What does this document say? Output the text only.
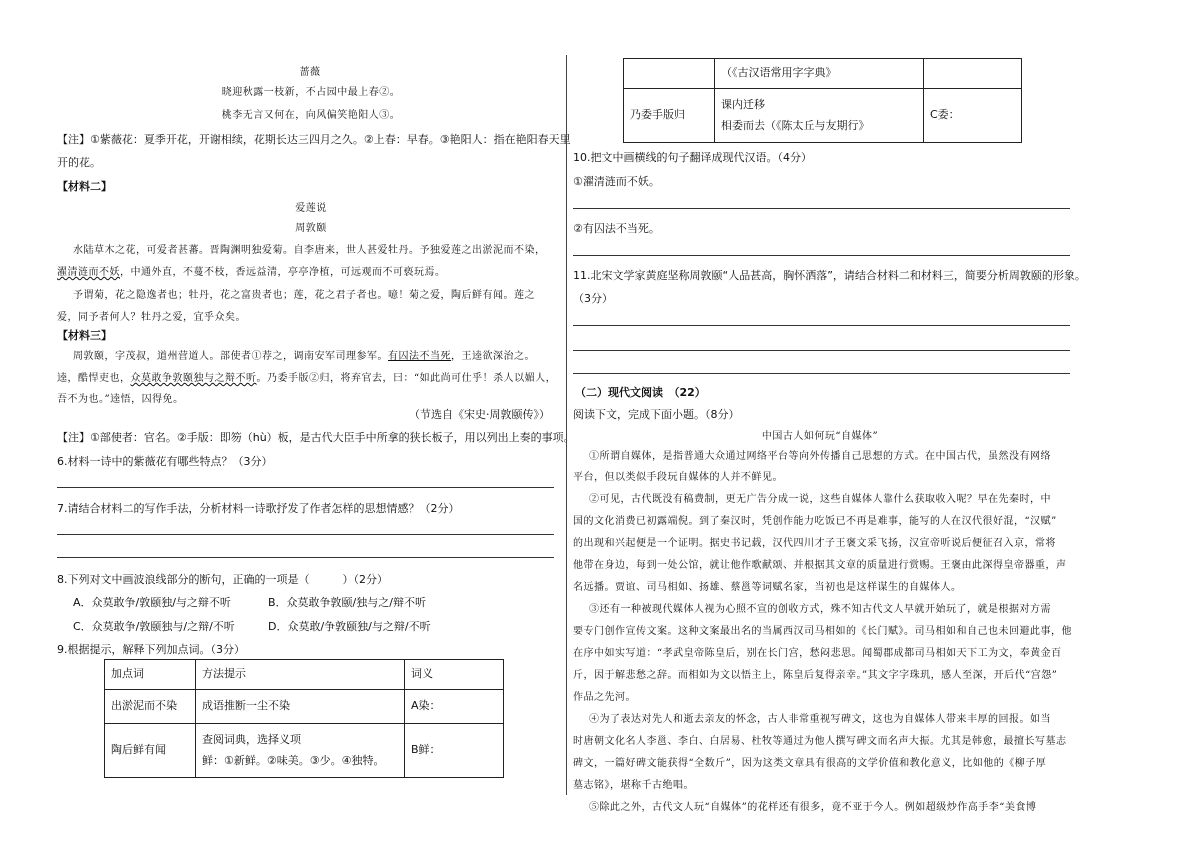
蔷薇
晓迎秋露一枝新，不占园中最上春②。
桃李无言又何在，向风偏笑艳阳人③。
【注】①紫薇花：夏季开花，开谢相续，花期长达三四月之久。②上春：早春。③艳阳人：指在艳阳春天里
开的花。
【材料二】
爱莲说
周敦颐
水陆草木之花，可爱者甚蕃。晋陶渊明独爱菊。自李唐来，世人甚爱牡丹。予独爱莲之出淤泥而不染，
濯清涟而不妖，中通外直，不蔓不枝，香远益清，亭亭净植，可远观而不可亵玩焉。
予谓菊，花之隐逸者也；牡丹，花之富贵者也；莲，花之君子者也。噫！菊之爱，陶后鲜有闻。莲之
爱，同予者何人？牡丹之爱，宜乎众矣。
【材料三】
周敦颐，字茂叔，道州营道人。部使者①荐之，调南安军司理参军。有囚法不当死，王逵欲深治之。
逵，酷悍吏也，众莫敢争敦颐独与之辩不听。乃委手版②归，将弃官去，曰：“如此尚可仕乎！杀人以媚人，
吾不为也。”逵悟，囚得免。
（节选自《宋史·周敦颐传》）
【注】①部使者：官名。②手版：即笏（hù）板，是古代大臣手中所拿的狭长板子，用以列出上奏的事项。
6.材料一诗中的紫薇花有哪些特点？（3分）
7.请结合材料二的写作手法，分析材料一诗歌抒发了作者怎样的思想情感？（2分）
8.下列对文中画波浪线部分的断句，正确的一项是（　　　）（2分）
A．众莫敢争/敦颐独/与之辩不听	B．众莫敢争敦颐/独与之/辩不听
C．众莫敢争/敦颐独与/之辩/不听	D．众莫敢/争敦颐独/与之辩/不听
9.根据提示，解释下列加点词。（3分）
加点词	方法提示	词义
出淤泥而不染	成语推断一尘不染	A染：
陶后鲜有闻	查阅词典，选择义项
鲜：①新鲜。②味美。③少。④独特。	B鲜：
	（《古汉语常用字字典》	
乃委手版归	课内迁移
相委而去（《陈太丘与友期行》	C委：
10.把文中画横线的句子翻译成现代汉语。（4分）
①濯清涟而不妖。
②有囚法不当死。
11.北宋文学家黄庭坚称周敦颐“人品甚高，胸怀洒落”，请结合材料二和材料三，简要分析周敦颐的形象。
（3分）
（二）现代文阅读　（22）
阅读下文，完成下面小题。（8分）
中国古人如何玩“自媒体”
①所谓自媒体，是指普通大众通过网络平台等向外传播自己思想的方式。在中国古代，虽然没有网络
平台，但以类似手段玩自媒体的人并不鲜见。
②可见，古代既没有稿费制，更无广告分成一说，这些自媒体人靠什么获取收入呢？早在先秦时，中
国的文化消费已初露端倪。到了秦汉时，凭创作能力吃饭已不再是难事，能写的人在汉代很好混，“汉赋”
的出现和兴起便是一个证明。据史书记载，汉代四川才子王褒文采飞扬，汉宣帝听说后便征召入京，常将
他带在身边，每到一处公馆，就让他作歌献颂、并根据其文章的质量进行赏赐。王褒由此深得皇帝器重，声
名远播。贾谊、司马相如、扬雄、蔡邕等词赋名家，当初也是这样谋生的自媒体人。
③还有一种被现代媒体人视为心照不宣的创收方式，殊不知古代文人早就开始玩了，就是根据对方需
要专门创作宣传文案。这种文案最出名的当属西汉司马相如的《长门赋》。司马相如和自己也未回避此事，他
在序中如实写道：“孝武皇帝陈皇后，别在长门宫，愁闷悲思。闻蜀郡成都司马相如天下工为文，奉黄金百
斤，因于解悲愁之辞。而相如为文以悟主上，陈皇后复得亲幸。”其文字字珠玑，感人至深，开后代“宫怨”
作品之先河。
④为了表达对先人和逝去亲友的怀念，古人非常重视写碑文，这也为自媒体人带来丰厚的回报。如当
时唐朝文化名人李邕、李白、白居易、杜牧等通过为他人撰写碑文而名声大振。尤其是韩愈，最擅长写墓志
碑文，一篇好碑文能获得“全数斤”，因为这类文章具有很高的文学价值和教化意义，比如他的《柳子厚
墓志铭》，堪称千古绝唱。
⑤除此之外，古代文人玩“自媒体”的花样还有很多，竟不亚于今人。例如超级炒作高手李“美食博
